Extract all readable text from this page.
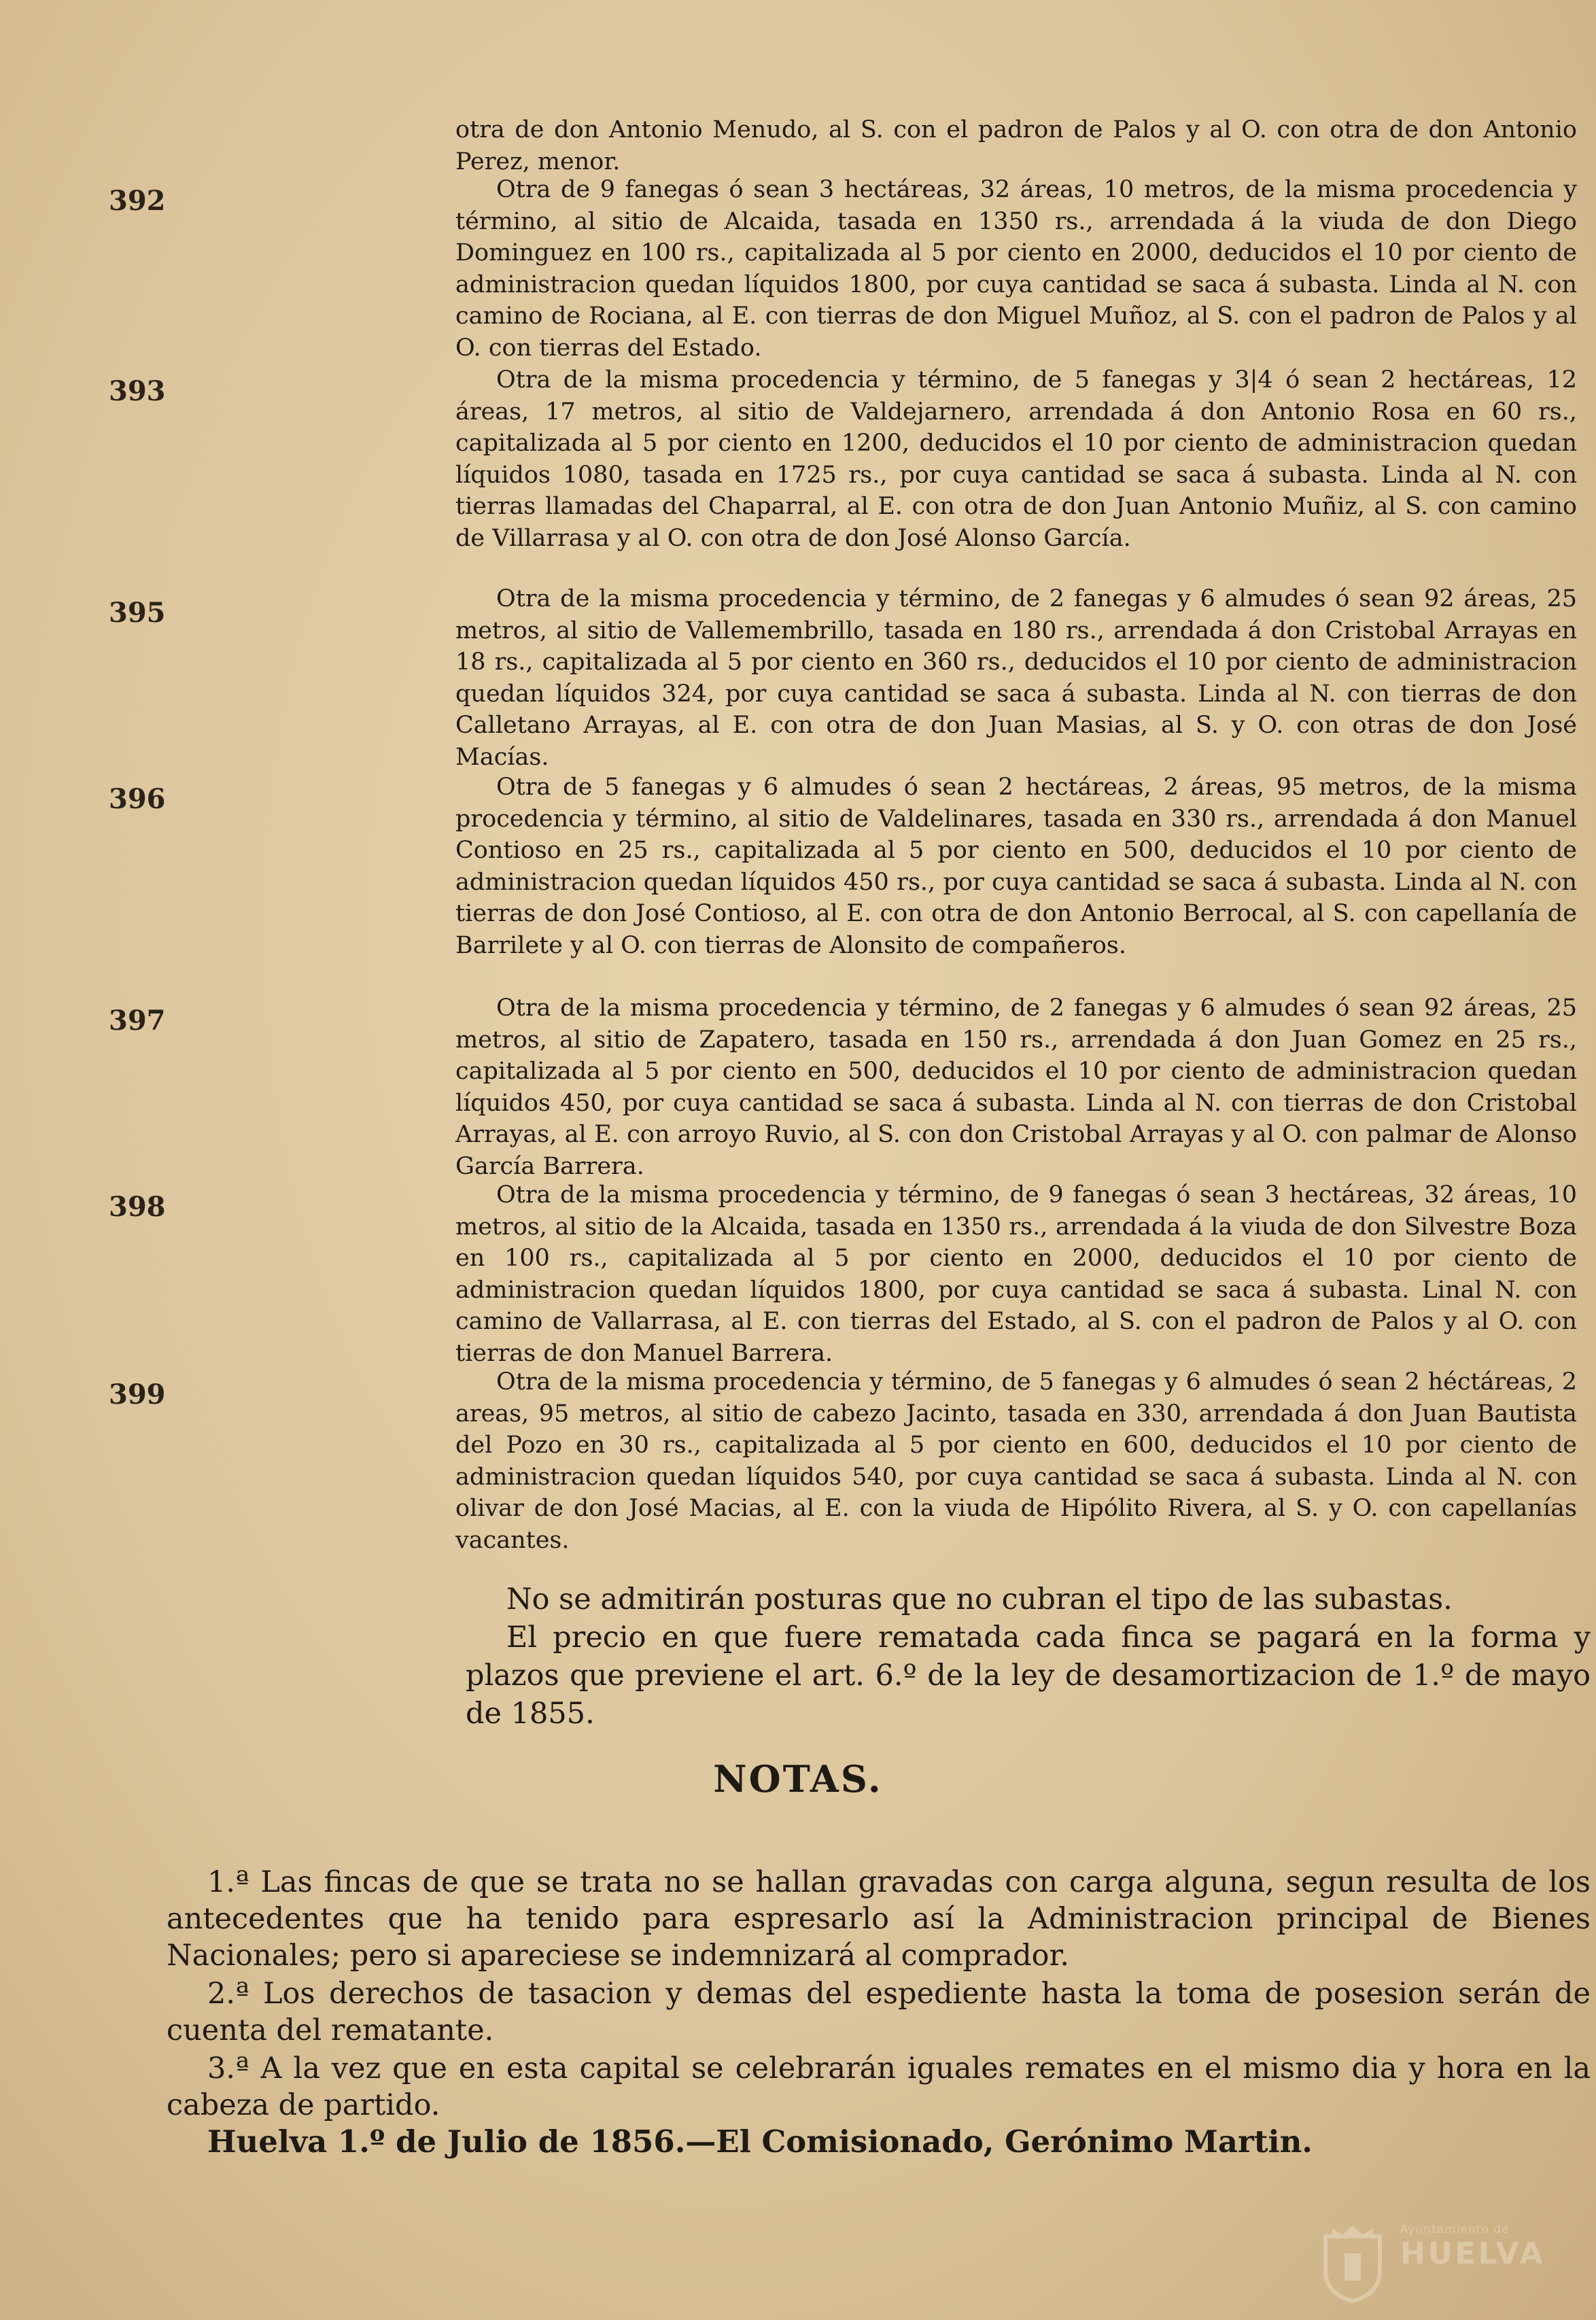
otra de don Antonio Menudo, al S. con el padron de Palos y al O. con otra de don Antonio Perez, menor.
392	Otra de 9 fanegas ó sean 3 hectáreas, 32 áreas, 10 metros, de la misma procedencia y término, al sitio de Alcaida, tasada en 1350 rs., arrendada á la viuda de don Diego Dominguez en 100 rs., capitalizada al 5 por ciento en 2000, deducidos el 10 por ciento de administracion quedan líquidos 1800, por cuya cantidad se saca á subasta. Linda al N. con camino de Rociana, al E. con tierras de don Miguel Muñoz, al S. con el padron de Palos y al O. con tierras del Estado.
393	Otra de la misma procedencia y término, de 5 fanegas y 3|4 ó sean 2 hectáreas, 12 áreas, 17 metros, al sitio de Valdejarnero, arrendada á don Antonio Rosa en 60 rs., capitalizada al 5 por ciento en 1200, deducidos el 10 por ciento de administracion quedan líquidos 1080, tasada en 1725 rs., por cuya cantidad se saca á subasta. Linda al N. con tierras llamadas del Chaparral, al E. con otra de don Juan Antonio Muñiz, al S. con camino de Villarrasa y al O. con otra de don José Alonso García.
395	Otra de la misma procedencia y término, de 2 fanegas y 6 almudes ó sean 92 áreas, 25 metros, al sitio de Vallemembrillo, tasada en 180 rs., arrendada á don Cristobal Arrayas en 18 rs., capitalizada al 5 por ciento en 360 rs., deducidos el 10 por ciento de administracion quedan líquidos 324, por cuya cantidad se saca á subasta. Linda al N. con tierras de don Calletano Arrayas, al E. con otra de don Juan Masias, al S. y O. con otras de don José Macías.
396	Otra de 5 fanegas y 6 almudes ó sean 2 hectáreas, 2 áreas, 95 metros, de la misma procedencia y término, al sitio de Valdelinares, tasada en 330 rs., arrendada á don Manuel Contioso en 25 rs., capitalizada al 5 por ciento en 500, deducidos el 10 por ciento de administracion quedan líquidos 450 rs., por cuya cantidad se saca á subasta. Linda al N. con tierras de don José Contioso, al E. con otra de don Antonio Berrocal, al S. con capellanía de Barrilete y al O. con tierras de Alonsito de compañeros.
397	Otra de la misma procedencia y término, de 2 fanegas y 6 almudes ó sean 92 áreas, 25 metros, al sitio de Zapatero, tasada en 150 rs., arrendada á don Juan Gomez en 25 rs., capitalizada al 5 por ciento en 500, deducidos el 10 por ciento de administracion quedan líquidos 450, por cuya cantidad se saca á subasta. Linda al N. con tierras de don Cristobal Arrayas, al E. con arroyo Ruvio, al S. con don Cristobal Arrayas y al O. con palmar de Alonso García Barrera.
398	Otra de la misma procedencia y término, de 9 fanegas ó sean 3 hectáreas, 32 áreas, 10 metros, al sitio de la Alcaida, tasada en 1350 rs., arrendada á la viuda de don Silvestre Boza en 100 rs., capitalizada al 5 por ciento en 2000, deducidos el 10 por ciento de administracion quedan líquidos 1800, por cuya cantidad se saca á subasta. Linal N. con camino de Vallarrasa, al E. con tierras del Estado, al S. con el padron de Palos y al O. con tierras de don Manuel Barrera.
399	Otra de la misma procedencia y término, de 5 fanegas y 6 almudes ó sean 2 héctáreas, 2 areas, 95 metros, al sitio de cabezo Jacinto, tasada en 330, arrendada á don Juan Bautista del Pozo en 30 rs., capitalizada al 5 por ciento en 600, deducidos el 10 por ciento de administracion quedan líquidos 540, por cuya cantidad se saca á subasta. Linda al N. con olivar de don José Macias, al E. con la viuda de Hipólito Rivera, al S. y O. con capellanías vacantes.

No se admitirán posturas que no cubran el tipo de las subastas.

El precio en que fuere rematada cada finca se pagará en la forma y plazos que previene el art. 6.º de la ley de desamortizacion de 1.º de mayo de 1855.

NOTAS.

1.ª Las fincas de que se trata no se hallan gravadas con carga alguna, segun resulta de los antecedentes que ha tenido para espresarlo así la Administracion principal de Bienes Nacionales; pero si apareciese se indemnizará al comprador.

2.ª Los derechos de tasacion y demas del espediente hasta la toma de posesion serán de cuenta del rematante.

3.ª A la vez que en esta capital se celebrarán iguales remates en el mismo dia y hora en la cabeza de partido.

Huelva 1.º de Julio de 1856.—El Comisionado, Gerónimo Martin.
Ayuntamiento de
HUELVA
